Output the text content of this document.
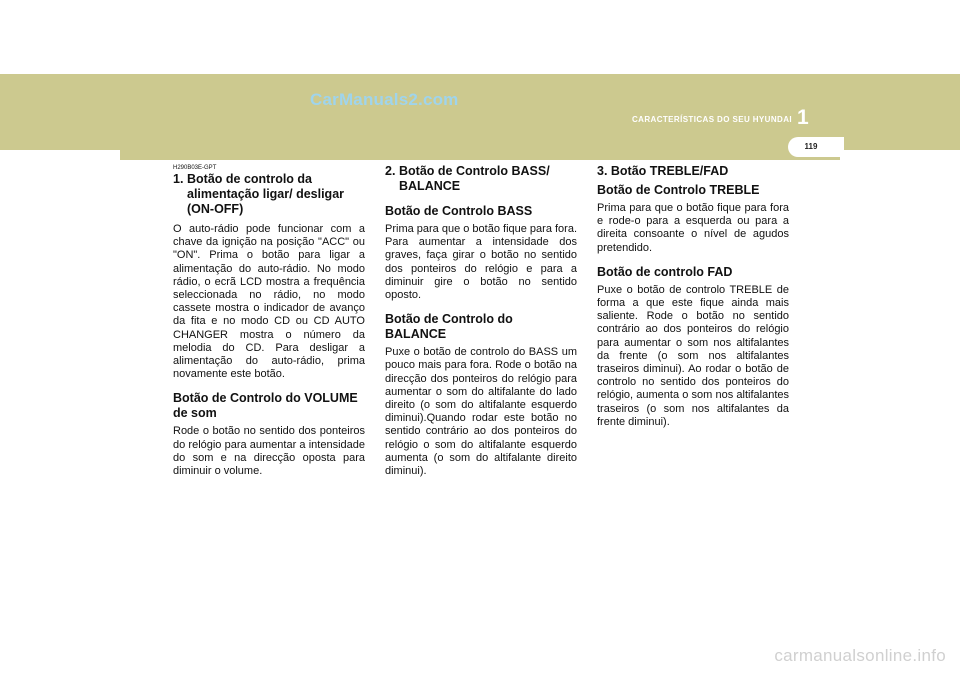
CarManuals2.com
CARACTERÍSTICAS DO SEU HYUNDAI 1
119
H290B03E-GPT
1. Botão de controlo da
alimentação ligar/ desligar (ON-OFF)

O auto-rádio pode funcionar com a chave da ignição na posição "ACC" ou "ON". Prima o botão para ligar a alimentação do auto-rádio. No modo rádio, o ecrã LCD mostra a frequência seleccionada no rádio, no modo cassete mostra o indicador de avanço da fita e no modo CD ou CD AUTO CHANGER mostra o número da melodia do CD. Para desligar a alimentação do auto-rádio, prima novamente este botão.

Botão de Controlo do VOLUME de som

Rode o botão no sentido dos ponteiros do relógio para aumentar a intensidade do som e na direcção oposta para diminuir o volume.

2. Botão de Controlo BASS/
BALANCE
Botão de Controlo BASS

Prima para que o botão fique para fora. Para aumentar a intensidade dos graves, faça girar o botão no sentido dos ponteiros do relógio e para a diminuir gire o botão no sentido oposto.

Botão de Controlo do BALANCE

Puxe o botão de controlo do BASS um pouco mais para fora. Rode o botão na direcção dos ponteiros do relógio para aumentar o som do altifalante do lado direito (o som do altifalante esquerdo diminui).Quando rodar este botão no sentido contrário ao dos ponteiros do relógio o som do altifalante esquerdo aumenta (o som do altifalante direito diminui).

3. Botão TREBLE/FAD
Botão de Controlo TREBLE

Prima para que o botão fique para fora e rode-o para a esquerda ou para a direita consoante o nível de agudos pretendido.

Botão de controlo FAD

Puxe o botão de controlo TREBLE de forma a que este fique ainda mais saliente. Rode o botão no sentido contrário ao dos ponteiros do relógio para aumentar o som nos altifalantes da frente (o som nos altifalantes traseiros diminui). Ao rodar o botão de controlo no sentido dos ponteiros do relógio, aumenta o som nos altifalantes traseiros (o som nos altifalantes da frente diminui).

carmanualsonline.info
